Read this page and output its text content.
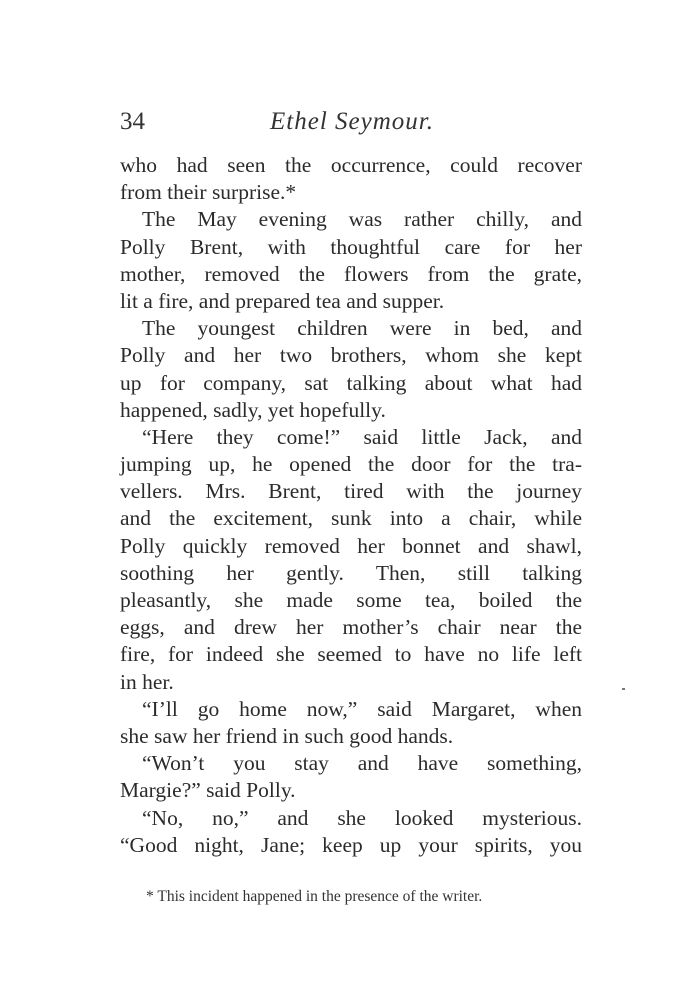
34	Ethel Seymour.
who had seen the occurrence, could recover
from their surprise.*
The May evening was rather chilly, and
Polly Brent, with thoughtful care for her
mother, removed the flowers from the grate,
lit a fire, and prepared tea and supper.
The youngest children were in bed, and
Polly and her two brothers, whom she kept
up for company, sat talking about what had
happened, sadly, yet hopefully.
“Here they come!” said little Jack, and
jumping up, he opened the door for the tra-
vellers. Mrs. Brent, tired with the journey
and the excitement, sunk into a chair, while
Polly quickly removed her bonnet and shawl,
soothing her gently. Then, still talking
pleasantly, she made some tea, boiled the
eggs, and drew her mother’s chair near the
fire, for indeed she seemed to have no life left
in her.
“I’ll go home now,” said Margaret, when
she saw her friend in such good hands.
“Won’t you stay and have something,
Margie?” said Polly.
“No, no,” and she looked mysterious.
“Good night, Jane; keep up your spirits, you
* This incident happened in the presence of the writer.
